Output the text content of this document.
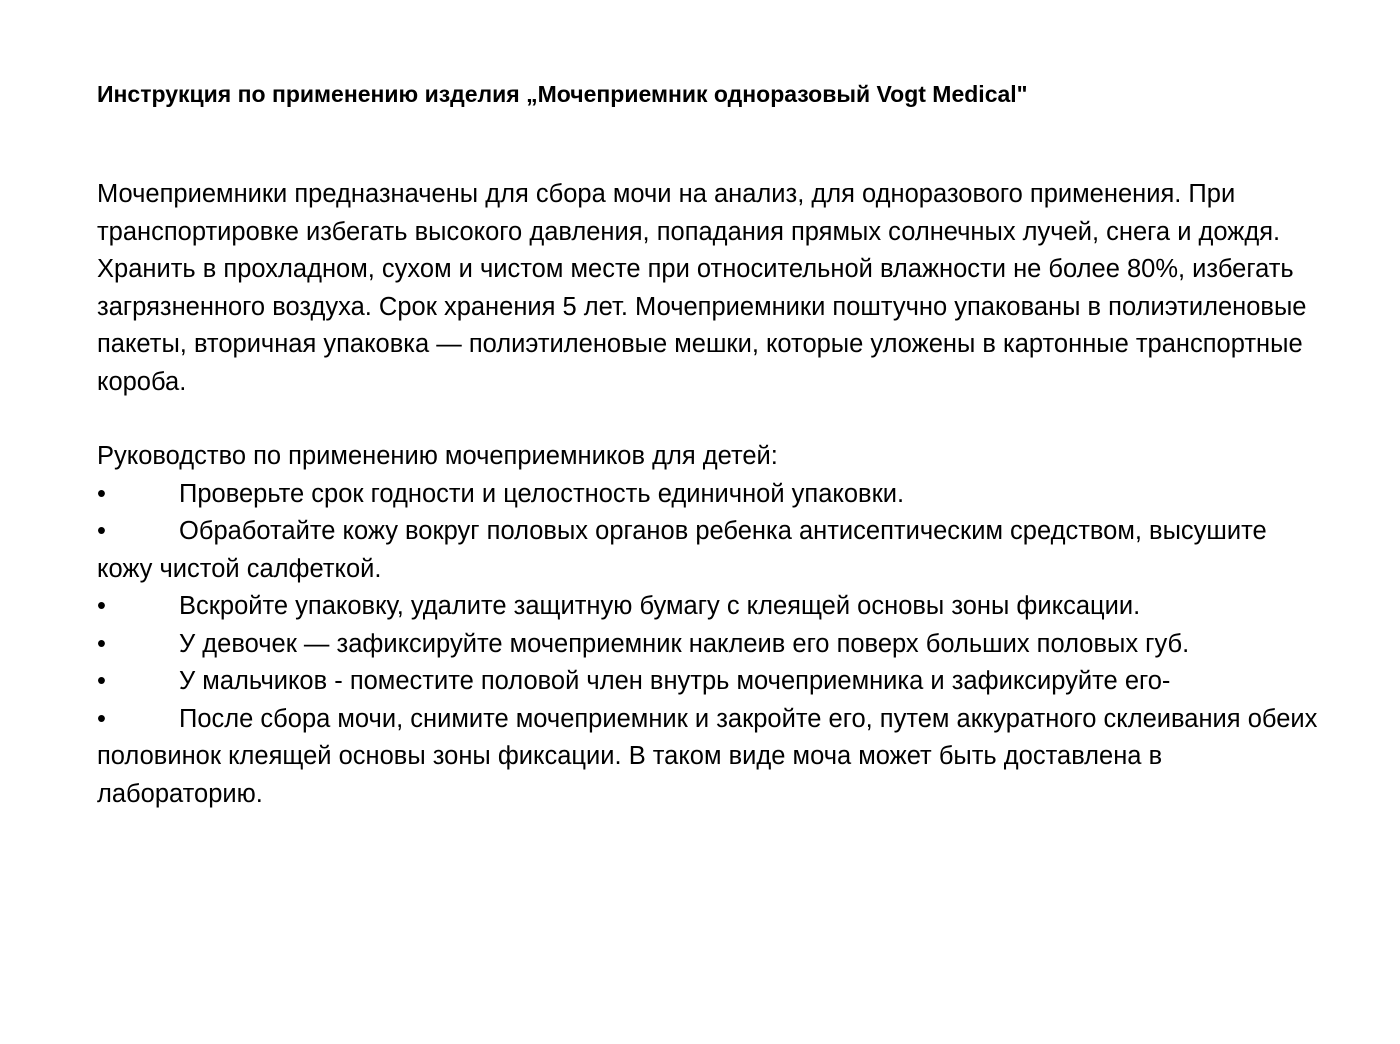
Инструкция по применению изделия „Мочеприемник одноразовый Vogt Medical"

Мочеприемники предназначены для сбора мочи на анализ, для одноразового применения. При транспортировке избегать высокого давления, попадания прямых солнечных лучей, снега и дождя. Хранить в прохладном, сухом и чистом месте при относительной влажности не более 80%, избегать загрязненного воздуха. Срок хранения 5 лет. Мочеприемники поштучно упакованы в полиэтиленовые пакеты, вторичная упаковка — полиэтиленовые мешки, которые уложены в картонные транспортные короба.

Руководство по применению мочеприемников для детей:

•	Проверьте срок годности и целостность единичной упаковки.
•	Обработайте кожу вокруг половых органов ребенка антисептическим средством, высушите кожу чистой салфеткой.
•	Вскройте упаковку, удалите защитную бумагу с клеящей основы зоны фиксации.
•	У девочек — зафиксируйте мочеприемник наклеив его поверх больших половых губ.
•	У мальчиков - поместите половой член внутрь мочеприемника и зафиксируйте его-
•	После сбора мочи, снимите мочеприемник и закройте его, путем аккуратного склеивания обеих половинок клеящей основы зоны фиксации. В таком виде моча может быть доставлена в лабораторию.
